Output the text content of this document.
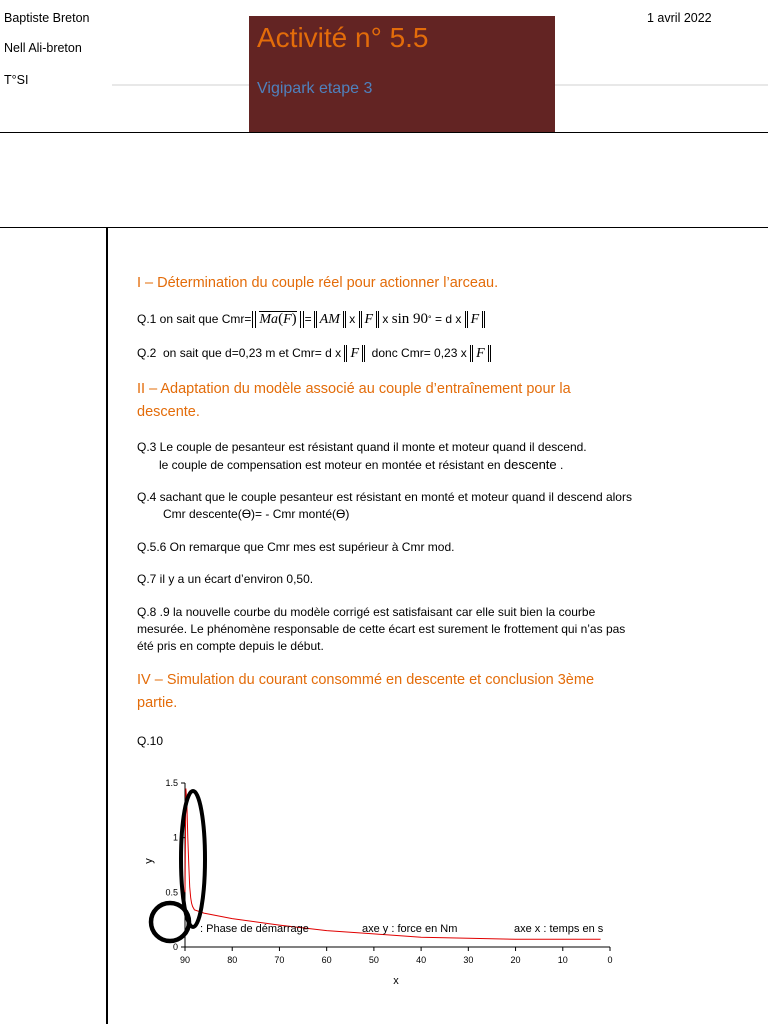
Baptiste Breton
Nell Ali-breton
T°SI
1 avril 2022
Activité n° 5.5
Vigipark etape 3
I – Détermination du couple réel pour actionner l’arceau.
Q.1 on sait que Cmr= Ma(F) = AM x F x sin 90 ° = d x F
Q.2  on sait que d=0,23 m et Cmr= d x F donc Cmr= 0,23 x F
II – Adaptation du modèle associé au couple d’entraînement pour la
descente.
Q.3 Le couple de pesanteur est résistant quand il monte et moteur quand il descend.
le couple de compensation est moteur en montée et résistant en descente .
Q.4 sachant que le couple pesanteur est résistant en monté et moteur quand il descend alors
Cmr descente(ϴ)= - Cmr monté(ϴ)
Q.5.6 On remarque que Cmr mes est supérieur à Cmr mod.
Q.7 il y a un écart d’environ 0,50.
Q.8 .9 la nouvelle courbe du modèle corrigé est satisfaisant car elle suit bien la courbe
mesurée. Le phénomène responsable de cette écart est surement le frottement qui n’as pas
été pris en compte depuis le début.
IV – Simulation du courant consommé en descente et conclusion 3ème
partie.
Q.10
0
0.5
1
1.5
90	80	70	60	50	40	30	20	10	0
y
x
: Phase de démarrage	axe y : force en Nm	axe x : temps en s
